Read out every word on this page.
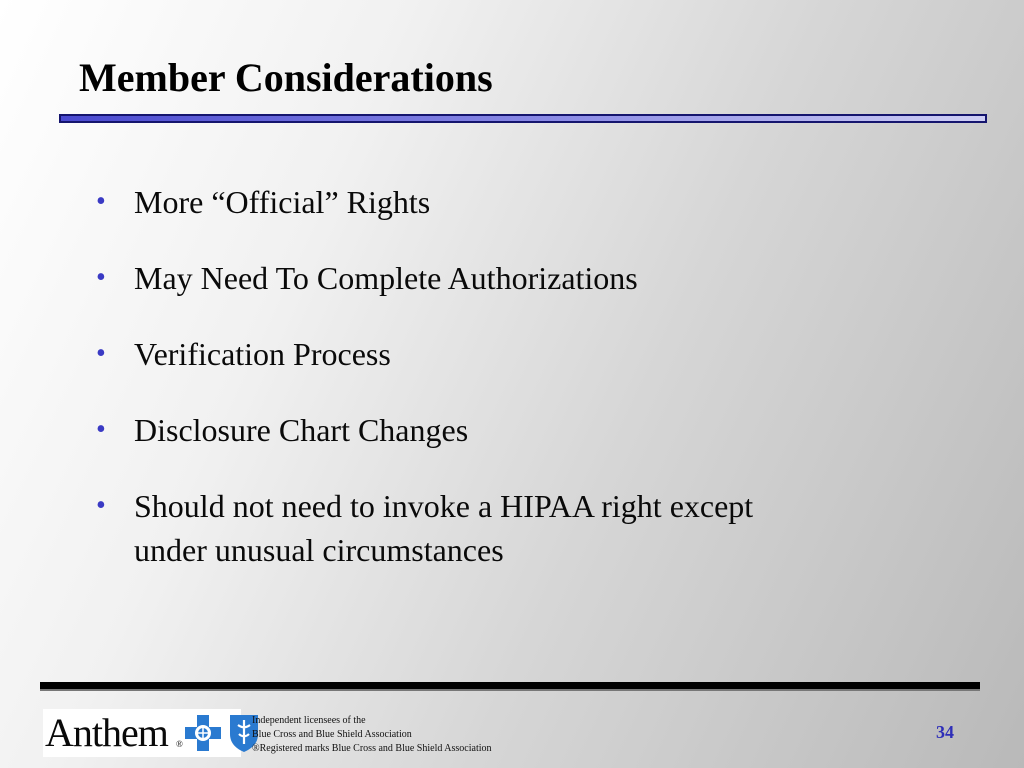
Member Considerations
• More “Official” Rights
• May Need To Complete Authorizations
• Verification Process
• Disclosure Chart Changes
• Should not need to invoke a HIPAA right except under unusual circumstances
Anthem ®
Independent licensees of the
Blue Cross and Blue Shield Association
®Registered marks Blue Cross and Blue Shield Association
34
